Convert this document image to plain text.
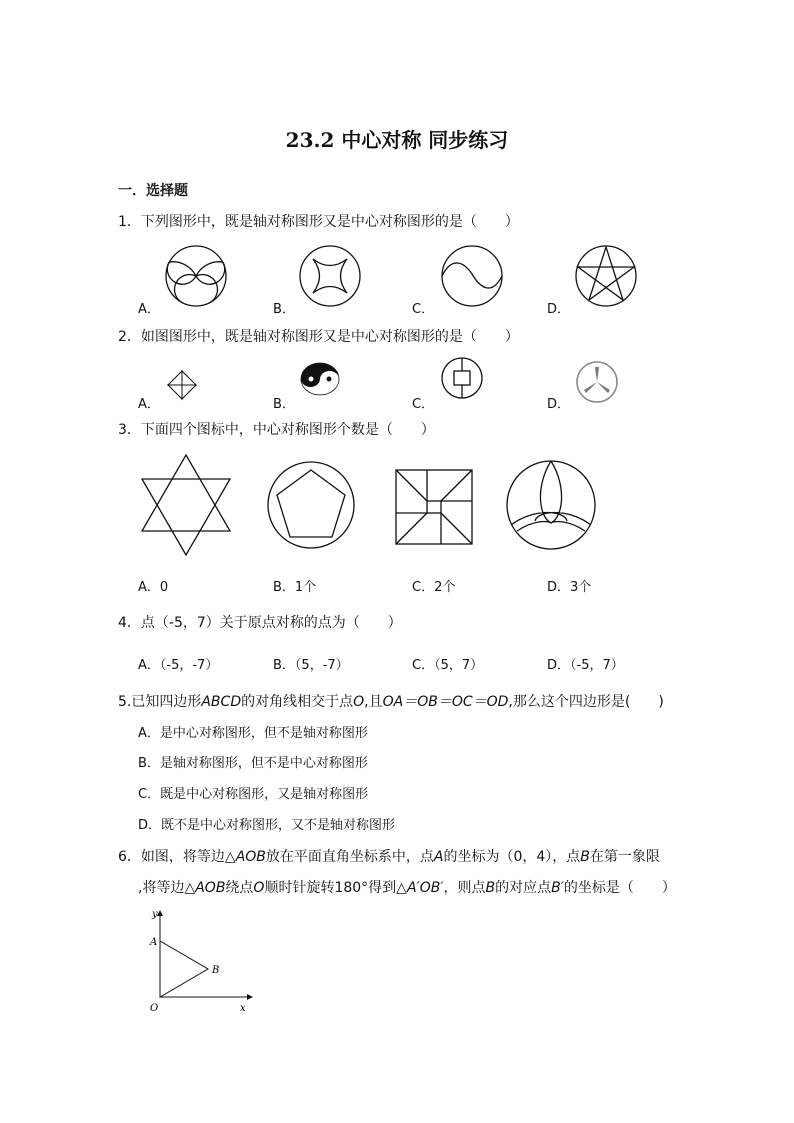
23.2 中心对称 同步练习
一．选择题
1．下列图形中，既是轴对称图形又是中心对称图形的是（　　）
A．	B．	C．	D．
2．如图图形中，既是轴对称图形又是中心对称图形的是（　　）
A．	B．	C．	D．
3．下面四个图标中，中心对称图形个数是（　　）
A．0	B．1个	C．2个	D．3个
4．点（-5，7）关于原点对称的点为（　　）
A．（-5，-7）	B．（5，-7）	C．（5，7）	D．（-5，7）
5.已知四边形ABCD的对角线相交于点O,且OA＝OB＝OC＝OD,那么这个四边形是(　　)
A．是中心对称图形，但不是轴对称图形
B．是轴对称图形，但不是中心对称图形
C．既是中心对称图形，又是轴对称图形
D．既不是中心对称图形，又不是轴对称图形
6．如图，将等边△AOB放在平面直角坐标系中，点A的坐标为（0，4），点B在第一象限
,将等边△AOB绕点O顺时针旋转180°得到△A′OB′，则点B的对应点B′的坐标是（　　）
y
A
B
O	x
